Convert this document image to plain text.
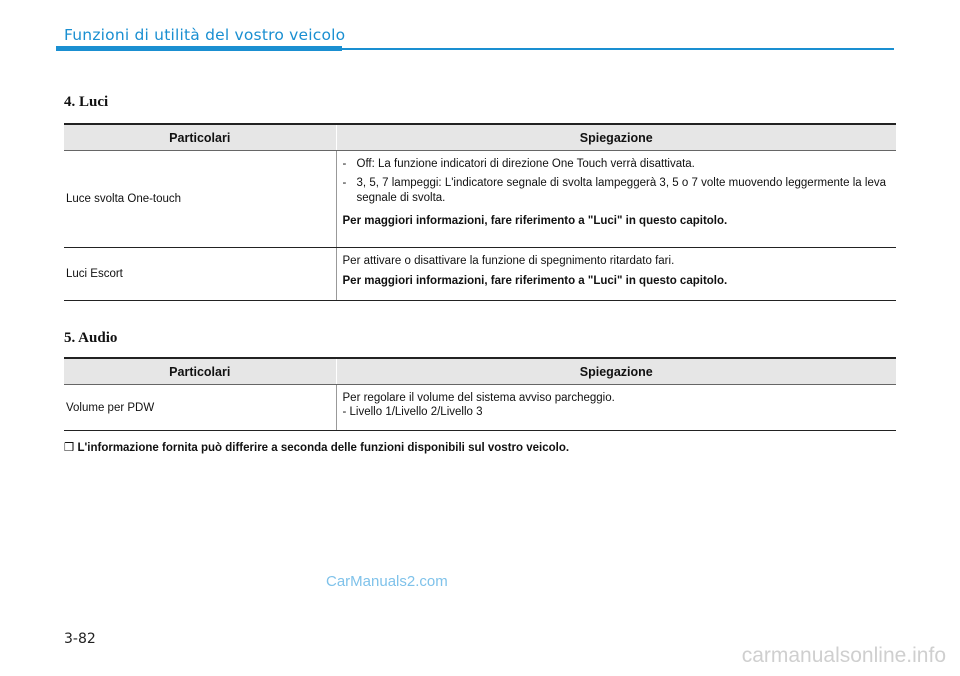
Funzioni di utilità del vostro veicolo
4. Luci
Particolari	Spiegazione
Luce svolta One-touch	- Off: La funzione indicatori di direzione One Touch verrà disattivata.
- 3, 5, 7 lampeggi: L'indicatore segnale di svolta lampeggerà 3, 5 o 7 volte muovendo leggermente la leva segnale di svolta.
Per maggiori informazioni, fare riferimento a "Luci" in questo capitolo.

Luci Escort	Per attivare o disattivare la funzione di spegnimento ritardato fari.
Per maggiori informazioni, fare riferimento a "Luci" in questo capitolo.
5. Audio
Particolari	Spiegazione
Volume per PDW	Per regolare il volume del sistema avviso parcheggio.
- Livello 1/Livello 2/Livello 3
❒ L'informazione fornita può differire a seconda delle funzioni disponibili sul vostro veicolo.
CarManuals2.com
3-82
carmanualsonline.info
